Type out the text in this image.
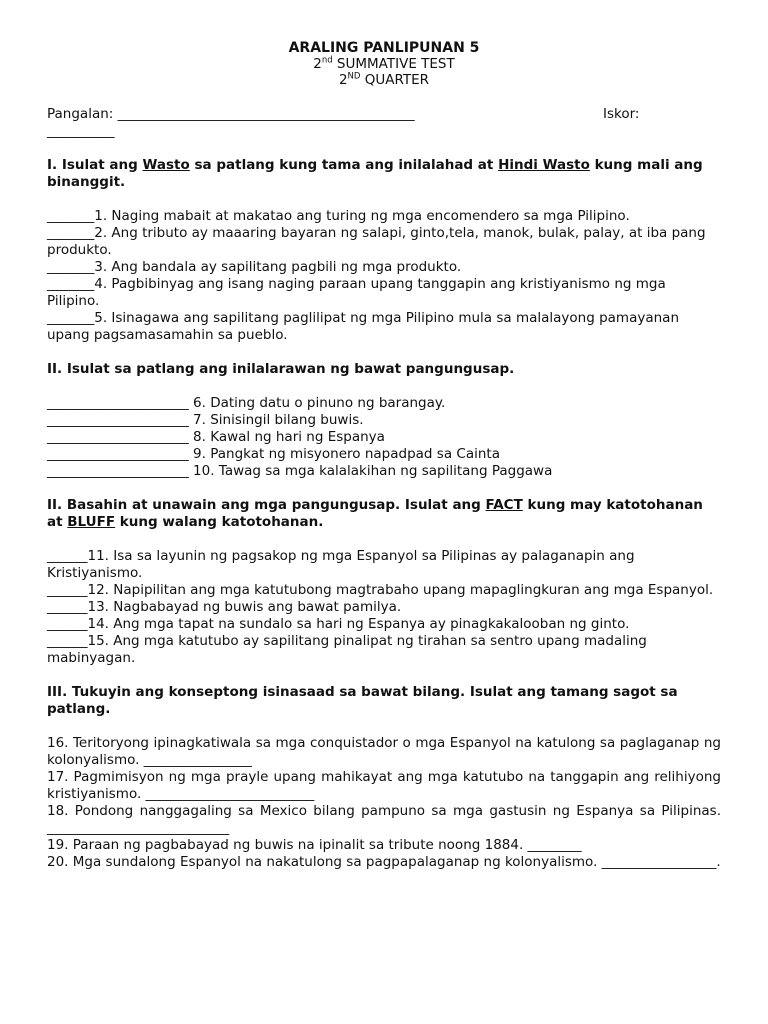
ARALING PANLIPUNAN 5
2nd SUMMATIVE TEST
2ND QUARTER
Pangalan: ____________________________________________	Iskor:
__________
I. Isulat ang Wasto sa patlang kung tama ang inilalahad at Hindi Wasto kung mali ang binanggit.
_______1. Naging mabait at makatao ang turing ng mga encomendero sa mga Pilipino.
_______2. Ang tributo ay maaaring bayaran ng salapi, ginto,tela, manok, bulak, palay, at iba pang produkto.
_______3. Ang bandala ay sapilitang pagbili ng mga produkto.
_______4. Pagbibinyag ang isang naging paraan upang tanggapin ang kristiyanismo ng mga Pilipino.
_______5. Isinagawa ang sapilitang paglilipat ng mga Pilipino mula sa malalayong pamayanan upang pagsamasamahin sa pueblo.
II. Isulat sa patlang ang inilalarawan ng bawat pangungusap.
_____________________ 6. Dating datu o pinuno ng barangay.
_____________________ 7. Sinisingil bilang buwis.
_____________________ 8. Kawal ng hari ng Espanya
_____________________ 9. Pangkat ng misyonero napadpad sa Cainta
_____________________ 10. Tawag sa mga kalalakihan ng sapilitang Paggawa
II. Basahin at unawain ang mga pangungusap. Isulat ang FACT kung may katotohanan at BLUFF kung walang katotohanan.
______11. Isa sa layunin ng pagsakop ng mga Espanyol sa Pilipinas ay palaganapin ang Kristiyanismo.
______12. Napipilitan ang mga katutubong magtrabaho upang mapaglingkuran ang mga Espanyol.
______13. Nagbabayad ng buwis ang bawat pamilya.
______14. Ang mga tapat na sundalo sa hari ng Espanya ay pinagkakalooban ng ginto.
______15. Ang mga katutubo ay sapilitang pinalipat ng tirahan sa sentro upang madaling mabinyagan.
III. Tukuyin ang konseptong isinasaad sa bawat bilang. Isulat ang tamang sagot sa patlang.
16. Teritoryong ipinagkatiwala sa mga conquistador o mga Espanyol na katulong sa paglaganap ng kolonyalismo. ________________
17. Pagmimisyon ng mga prayle upang mahikayat ang mga katutubo na tanggapin ang relihiyong kristiyanismo. _________________________
18. Pondong nanggagaling sa Mexico bilang pampuno sa mga gastusin ng Espanya sa Pilipinas. ___________________________
19. Paraan ng pagbabayad ng buwis na ipinalit sa tribute noong 1884. ________
20. Mga sundalong Espanyol na nakatulong sa pagpapalaganap ng kolonyalismo. _________________.
